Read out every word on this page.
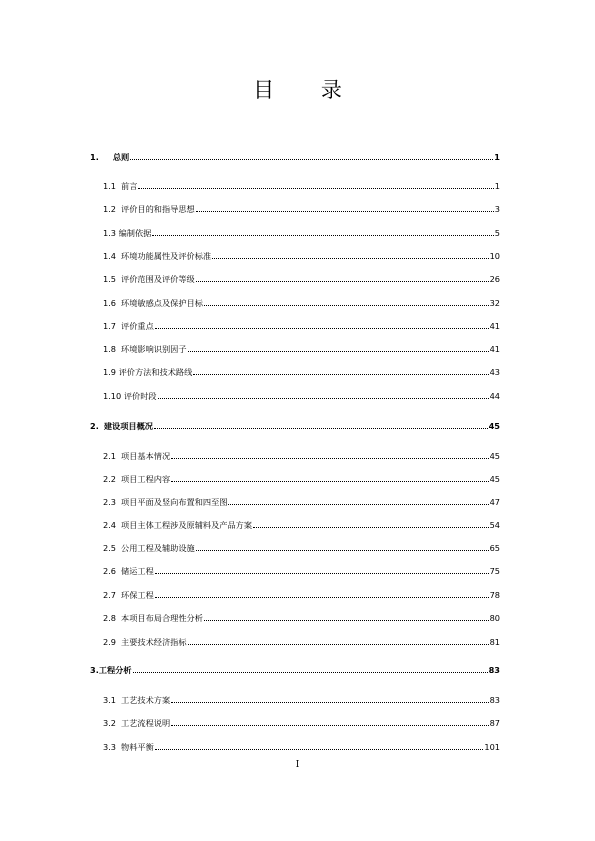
目 录
1. 总则	1
1.1 前言	1
1.2 评价目的和指导思想	3
1.3 编制依据	5
1.4 环境功能属性及评价标准	10
1.5 评价范围及评价等级	26
1.6 环境敏感点及保护目标	32
1.7 评价重点	41
1.8 环境影响识别因子	41
1.9 评价方法和技术路线	43
1.10 评价时段	44
2. 建设项目概况	45
2.1 项目基本情况	45
2.2 项目工程内容	45
2.3 项目平面及竖向布置和四至图	47
2.4 项目主体工程涉及原辅料及产品方案	54
2.5 公用工程及辅助设施	65
2.6 储运工程	75
2.7 环保工程	78
2.8 本项目布局合理性分析	80
2.9 主要技术经济指标	81
3.工程分析	83
3.1 工艺技术方案	83
3.2 工艺流程说明	87
3.3 物料平衡	101
I
